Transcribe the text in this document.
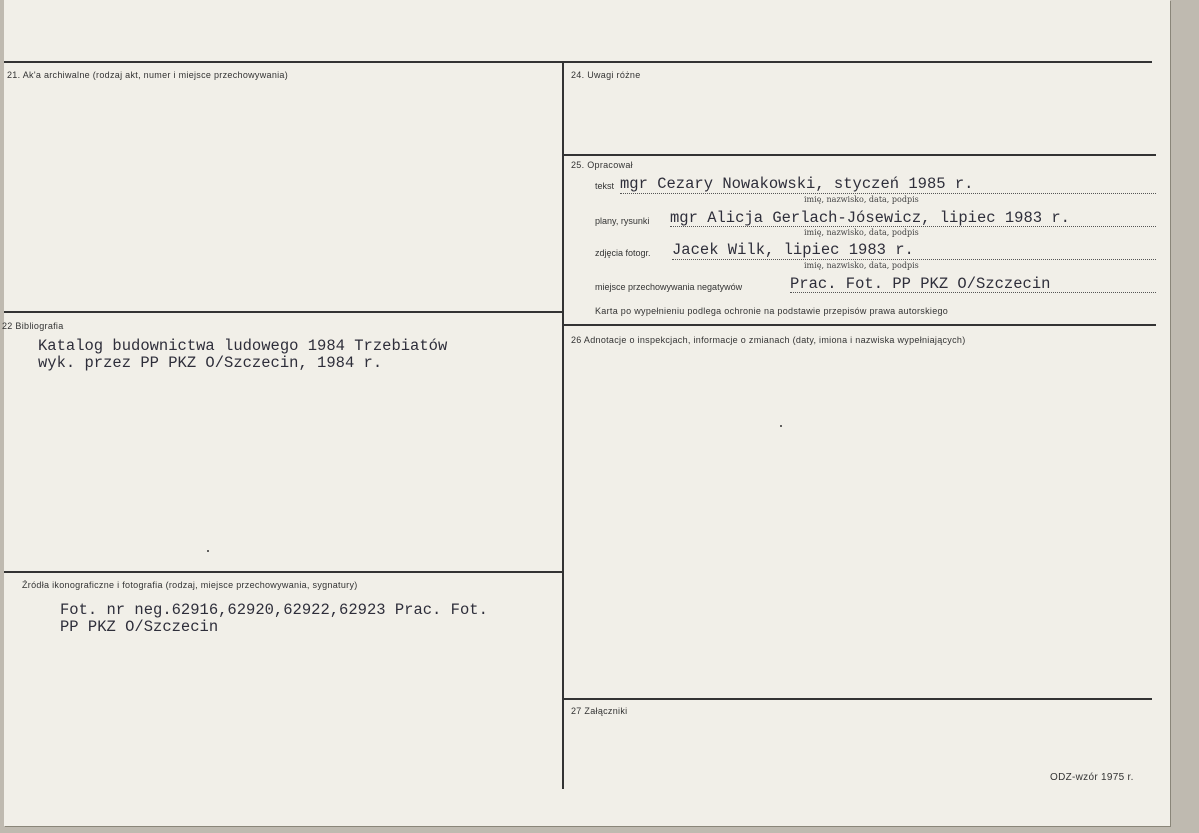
21. Ak'a archiwalne (rodzaj akt, numer i miejsce przechowywania)
22 Bibliografia
Katalog budownictwa ludowego 1984 Trzebiatów
wyk. przez PP PKZ O/Szczecin, 1984 r.
Źródła ikonograficzne i fotografia (rodzaj, miejsce przechowywania, sygnatury)
Fot. nr neg.62916,62920,62922,62923 Prac. Fot.
PP PKZ O/Szczecin
24. Uwagi różne
25. Opracował
tekst mgr Cezary Nowakowski, styczeń 1985 r.
imię, nazwisko, data, podpis
plany, rysunki mgr Alicja Gerlach-Jósewicz, lipiec 1983 r.
imię, nazwisko, data, podpis
zdjęcia fotogr. Jacek Wilk, lipiec 1983 r.
imię, nazwisko, data, podpis
miejsce przechowywania negatywów	Prac. Fot. PP PKZ O/Szczecin
Karta po wypełnieniu podlega ochronie na podstawie przepisów prawa autorskiego
26 Adnotacje o inspekcjach, informacje o zmianach (daty, imiona i nazwiska wypełniających)
27 Załączniki
ODZ-wzór 1975 r.
